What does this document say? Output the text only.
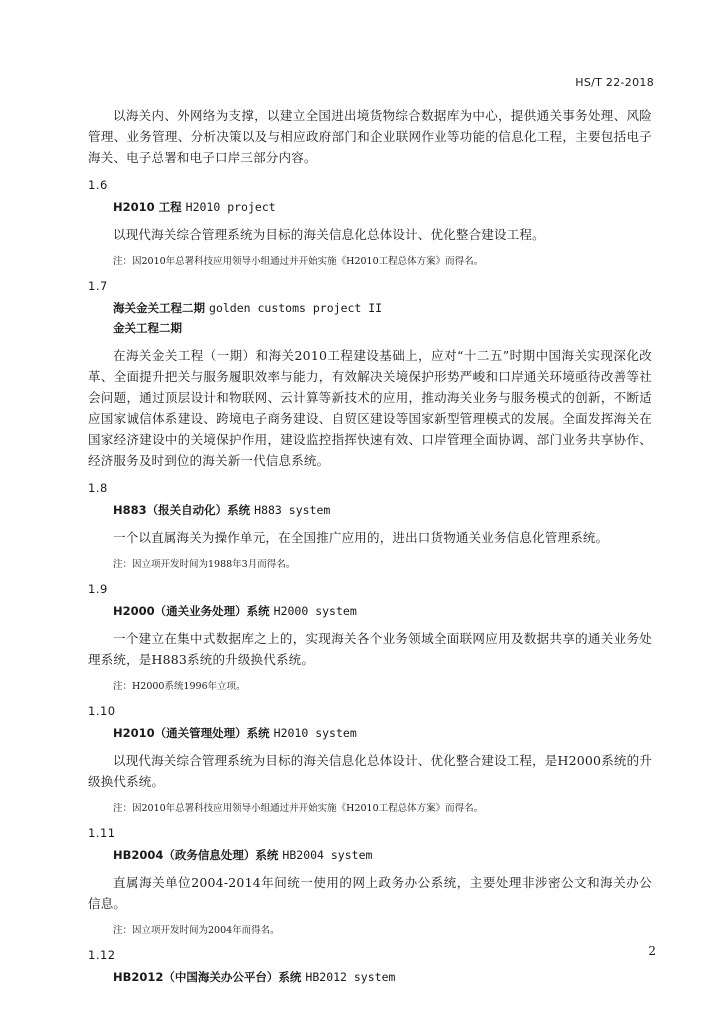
HS/T 22-2018

以海关内、外网络为支撑，以建立全国进出境货物综合数据库为中心，提供通关事务处理、风险管理、业务管理、分析决策以及与相应政府部门和企业联网作业等功能的信息化工程，主要包括电子海关、电子总署和电子口岸三部分内容。

1.6
H2010 工程 H2010 project

以现代海关综合管理系统为目标的海关信息化总体设计、优化整合建设工程。

注：因2010年总署科技应用领导小组通过并开始实施《H2010工程总体方案》而得名。

1.7
海关金关工程二期 golden customs project II
金关工程二期

在海关金关工程（一期）和海关2010工程建设基础上，应对“十二五”时期中国海关实现深化改革、全面提升把关与服务履职效率与能力，有效解决关境保护形势严峻和口岸通关环境亟待改善等社会问题，通过顶层设计和物联网、云计算等新技术的应用，推动海关业务与服务模式的创新，不断适应国家诚信体系建设、跨境电子商务建设、自贸区建设等国家新型管理模式的发展。全面发挥海关在国家经济建设中的关境保护作用，建设监控指挥快速有效、口岸管理全面协调、部门业务共享协作、经济服务及时到位的海关新一代信息系统。

1.8
H883（报关自动化）系统 H883 system

一个以直属海关为操作单元，在全国推广应用的，进出口货物通关业务信息化管理系统。

注：因立项开发时间为1988年3月而得名。

1.9
H2000（通关业务处理）系统 H2000 system

一个建立在集中式数据库之上的，实现海关各个业务领域全面联网应用及数据共享的通关业务处理系统，是H883系统的升级换代系统。

注：H2000系统1996年立项。

1.10
H2010（通关管理处理）系统 H2010 system

以现代海关综合管理系统为目标的海关信息化总体设计、优化整合建设工程，是H2000系统的升级换代系统。

注：因2010年总署科技应用领导小组通过并开始实施《H2010工程总体方案》而得名。

1.11
HB2004（政务信息处理）系统 HB2004 system

直属海关单位2004-2014年间统一使用的网上政务办公系统，主要处理非涉密公文和海关办公信息。

注：因立项开发时间为2004年而得名。

1.12
HB2012（中国海关办公平台）系统 HB2012 system
2
